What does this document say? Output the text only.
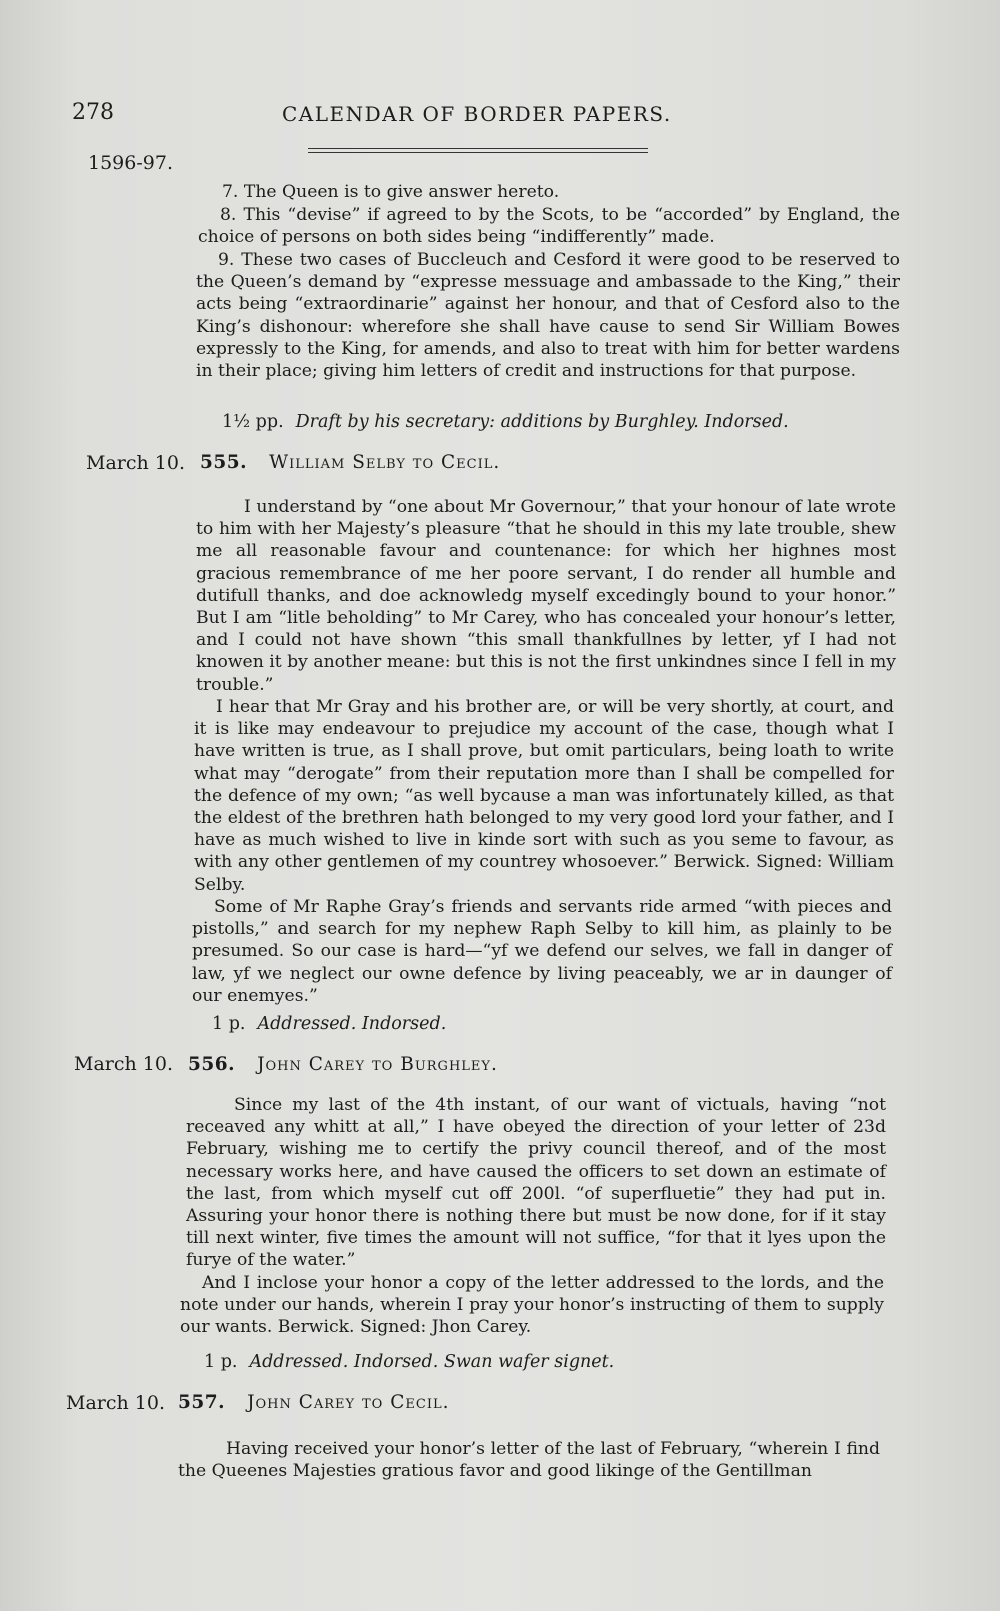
278	CALENDAR OF BORDER PAPERS.
1596-97.

7. The Queen is to give answer hereto.

8. This “devise” if agreed to by the Scots, to be “accorded” by England, the choice of persons on both sides being “indifferently” made.

9. These two cases of Buccleuch and Cesford it were good to be reserved to the Queen’s demand by “expresse messuage and ambassade to the King,” their acts being “extraordinarie” against her honour, and that of Cesford also to the King’s dishonour: wherefore she shall have cause to send Sir William Bowes expressly to the King, for amends, and also to treat with him for better wardens in their place; giving him letters of credit and instructions for that purpose.

1½ pp. Draft by his secretary: additions by Burghley. Indorsed.
March 10. 555. William Selby to Cecil.

I understand by “one about Mr Governour,” that your honour of late wrote to him with her Majesty’s pleasure “that he should in this my late trouble, shew me all reasonable favour and countenance: for which her highnes most gracious remembrance of me her poore servant, I do render all humble and dutifull thanks, and doe acknowledg myself excedingly bound to your honor.” But I am “litle beholding” to Mr Carey, who has concealed your honour’s letter, and I could not have shown “this small thankfullnes by letter, yf I had not knowen it by another meane: but this is not the first unkindnes since I fell in my trouble.”

I hear that Mr Gray and his brother are, or will be very shortly, at court, and it is like may endeavour to prejudice my account of the case, though what I have written is true, as I shall prove, but omit particulars, being loath to write what may “derogate” from their reputation more than I shall be compelled for the defence of my own; “as well bycause a man was infortunately killed, as that the eldest of the brethren hath belonged to my very good lord your father, and I have as much wished to live in kinde sort with such as you seme to favour, as with any other gentlemen of my countrey whosoever.” Berwick. Signed: William Selby.

Some of Mr Raphe Gray’s friends and servants ride armed “with pieces and pistolls,” and search for my nephew Raph Selby to kill him, as plainly to be presumed. So our case is hard—“yf we defend our selves, we fall in danger of law, yf we neglect our owne defence by living peaceably, we ar in daunger of our enemyes.”

1 p. Addressed. Indorsed.
March 10. 556. John Carey to Burghley.

Since my last of the 4th instant, of our want of victuals, having “not receaved any whitt at all,” I have obeyed the direction of your letter of 23d February, wishing me to certify the privy council thereof, and of the most necessary works here, and have caused the officers to set down an estimate of the last, from which myself cut off 200l. “of superfluetie” they had put in. Assuring your honor there is nothing there but must be now done, for if it stay till next winter, five times the amount will not suffice, “for that it lyes upon the furye of the water.”

And I inclose your honor a copy of the letter addressed to the lords, and the note under our hands, wherein I pray your honor’s instructing of them to supply our wants. Berwick. Signed: Jhon Carey.

1 p. Addressed. Indorsed. Swan wafer signet.
March 10. 557. John Carey to Cecil.

Having received your honor’s letter of the last of February, “wherein I find the Queenes Majesties gratious favor and good likinge of the Gentillman
